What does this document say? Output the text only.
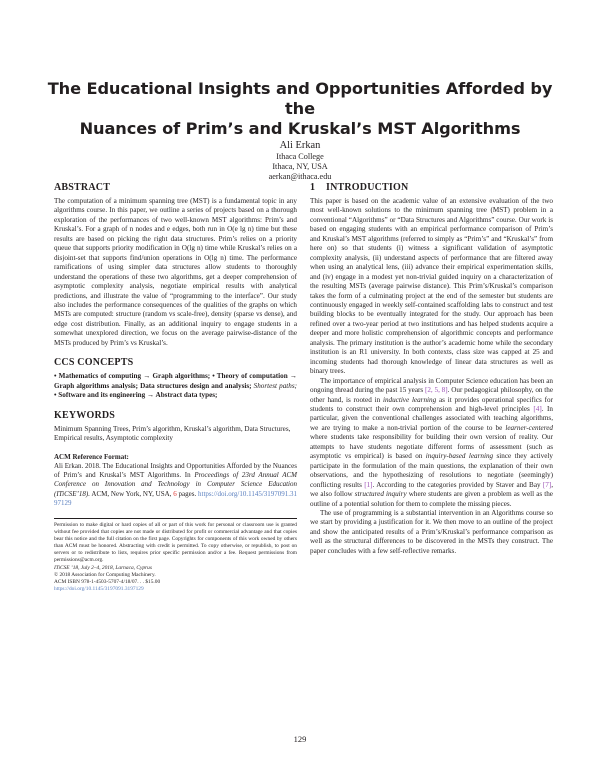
The Educational Insights and Opportunities Afforded by the
Nuances of Prim’s and Kruskal’s MST Algorithms
Ali Erkan
Ithaca College
Ithaca, NY, USA
aerkan@ithaca.edu
ABSTRACT

The computation of a minimum spanning tree (MST) is a fundamental topic in any algorithms course. In this paper, we outline a series of projects based on a thorough exploration of the performances of two well-known MST algorithms: Prim’s and Kruskal’s. For a graph of n nodes and e edges, both run in O(e lg n) time but these results are based on picking the right data structures. Prim’s relies on a priority queue that supports priority modification in O(lg n) time while Kruskal’s relies on a disjoint-set that supports find/union operations in O(lg n) time. The performance ramifications of using simpler data structures allow students to thoroughly understand the operations of these two algorithms, get a deeper comprehension of asymptotic complexity analysis, negotiate empirical results with analytical predictions, and illustrate the value of “programming to the interface”. Our study also includes the performance consequences of the qualities of the graphs on which MSTs are computed: structure (random vs scale-free), density (sparse vs dense), and edge cost distribution. Finally, as an additional inquiry to engage students in a somewhat unexplored direction, we focus on the average pairwise-distance of the MSTs produced by Prim’s vs Kruskal’s.

CCS CONCEPTS

• Mathematics of computing → Graph algorithms; • Theory of computation → Graph algorithms analysis; Data structures design and analysis; Shortest paths; • Software and its engineering → Abstract data types;

KEYWORDS

Minimum Spanning Trees, Prim’s algorithm, Kruskal’s algorithm, Data Structures, Empirical results, Asymptotic complexity

ACM Reference Format:

Ali Erkan. 2018. The Educational Insights and Opportunities Afforded by the Nuances of Prim’s and Kruskal’s MST Algorithms. In Proceedings of 23rd Annual ACM Conference on Innovation and Technology in Computer Science Education (ITiCSE’18). ACM, New York, NY, USA, 6 pages. https://doi.org/10.1145/3197091.3197129

Permission to make digital or hard copies of all or part of this work for personal or classroom use is granted without fee provided that copies are not made or distributed for profit or commercial advantage and that copies bear this notice and the full citation on the first page. Copyrights for components of this work owned by others than ACM must be honored. Abstracting with credit is permitted. To copy otherwise, or republish, to post on servers or to redistribute to lists, requires prior specific permission and/or a fee. Request permissions from permissions@acm.org.
ITiCSE ’18, July 2–4, 2018, Larnaca, Cyprus
© 2018 Association for Computing Machinery.
ACM ISBN 978-1-4503-5707-4/18/07. . . $15.00
https://doi.org/10.1145/3197091.3197129
1 INTRODUCTION

This paper is based on the academic value of an extensive evaluation of the two most well-known solutions to the minimum spanning tree (MST) problem in a conventional “Algorithms” or “Data Structures and Algorithms” course. Our work is based on engaging students with an empirical performance comparison of Prim’s and Kruskal’s MST algorithms (referred to simply as “Prim’s” and “Kruskal’s” from here on) so that students (i) witness a significant validation of asymptotic complexity analysis, (ii) understand aspects of performance that are filtered away when using an analytical lens, (iii) advance their empirical experimentation skills, and (iv) engage in a modest yet non-trivial guided inquiry on a characterization of the resulting MSTs (average pairwise distance). This Prim’s/Kruskal’s comparison takes the form of a culminating project at the end of the semester but students are continuously engaged in weekly self-contained scaffolding labs to construct and test building blocks to be eventually integrated for the study. Our approach has been refined over a two-year period at two institutions and has helped students acquire a deeper and more holistic comprehension of algorithmic concepts and performance analysis. The primary institution is the author’s academic home while the secondary institution is an R1 university. In both contexts, class size was capped at 25 and incoming students had thorough knowledge of linear data structures as well as binary trees.

The importance of empirical analysis in Computer Science education has been an ongoing thread during the past 15 years [2, 5, 8]. Our pedagogical philosophy, on the other hand, is rooted in inductive learning as it provides operational specifics for students to construct their own comprehension and high-level principles [4]. In particular, given the conventional challenges associated with teaching algorithms, we are trying to make a non-trivial portion of the course to be learner-centered where students take responsibility for building their own version of reality. Our attempts to have students negotiate different forms of assessment (such as asymptotic vs empirical) is based on inquiry-based learning since they actively participate in the formulation of the main questions, the explanation of their own observations, and the hypothesizing of resolutions to negotiate (seemingly) conflicting results [1]. According to the categories provided by Staver and Bay [7], we also follow structured inquiry where students are given a problem as well as the outline of a potential solution for them to complete the missing pieces.

The use of programming is a substantial intervention in an Algorithms course so we start by providing a justification for it. We then move to an outline of the project and show the anticipated results of a Prim’s/Kruskal’s performance comparison as well as the structural differences to be discovered in the MSTs they construct. The paper concludes with a few self-reflective remarks.

129
